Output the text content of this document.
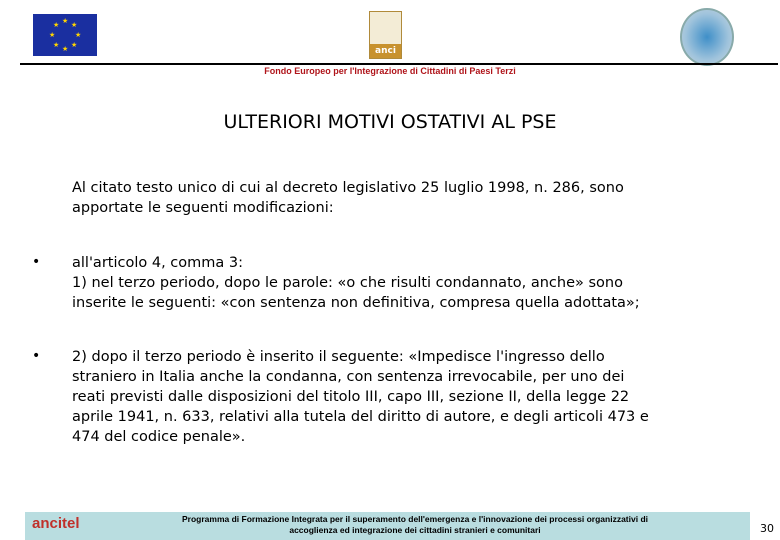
★
★ ★
★	★
★ ★
★	anci
Fondo Europeo per l'Integrazione di Cittadini di Paesi Terzi
ULTERIORI MOTIVI OSTATIVI AL PSE
Al citato testo unico di cui al decreto legislativo 25 luglio 1998, n. 286, sono
apportate le seguenti modificazioni:
• all'articolo 4, comma 3:
1) nel terzo periodo, dopo le parole: «o che risulti condannato, anche» sono
inserite le seguenti: «con sentenza non definitiva, compresa quella adottata»;
• 2) dopo il terzo periodo è inserito il seguente: «Impedisce l'ingresso dello
straniero in Italia anche la condanna, con sentenza irrevocabile, per uno dei
reati previsti dalle disposizioni del titolo III, capo III, sezione II, della legge 22
aprile 1941, n. 633, relativi alla tutela del diritto di autore, e degli articoli 473 e
474 del codice penale».
ancitel	Programma di Formazione Integrata per il superamento dell'emergenza e l'innovazione dei processi organizzativi di
accoglienza ed integrazione dei cittadini stranieri e comunitari	30
